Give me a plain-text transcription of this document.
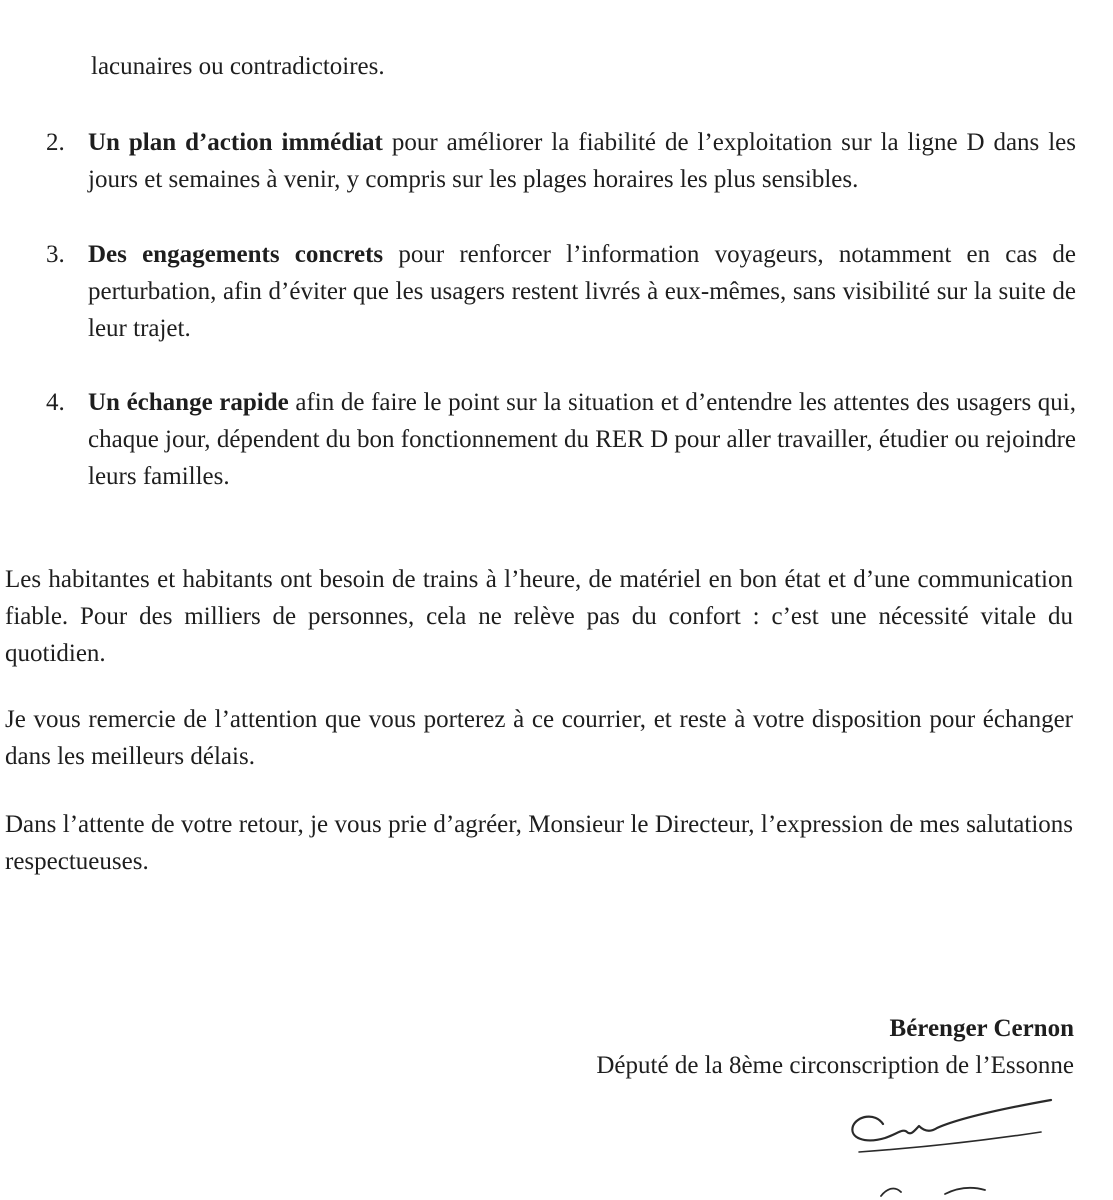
lacunaires ou contradictoires.

2. Un plan d’action immédiat pour améliorer la fiabilité de l’exploitation sur la ligne D dans les jours et semaines à venir, y compris sur les plages horaires les plus sensibles.
3. Des engagements concrets pour renforcer l’information voyageurs, notamment en cas de perturbation, afin d’éviter que les usagers restent livrés à eux-mêmes, sans visibilité sur la suite de leur trajet.
4. Un échange rapide afin de faire le point sur la situation et d’entendre les attentes des usagers qui, chaque jour, dépendent du bon fonctionnement du RER D pour aller travailler, étudier ou rejoindre leurs familles.

Les habitantes et habitants ont besoin de trains à l’heure, de matériel en bon état et d’une communication fiable. Pour des milliers de personnes, cela ne relève pas du confort : c’est une nécessité vitale du quotidien.

Je vous remercie de l’attention que vous porterez à ce courrier, et reste à votre disposition pour échanger dans les meilleurs délais.

Dans l’attente de votre retour, je vous prie d’agréer, Monsieur le Directeur, l’expression de mes salutations respectueuses.

Bérenger Cernon
Député de la 8ème circonscription de l’Essonne
